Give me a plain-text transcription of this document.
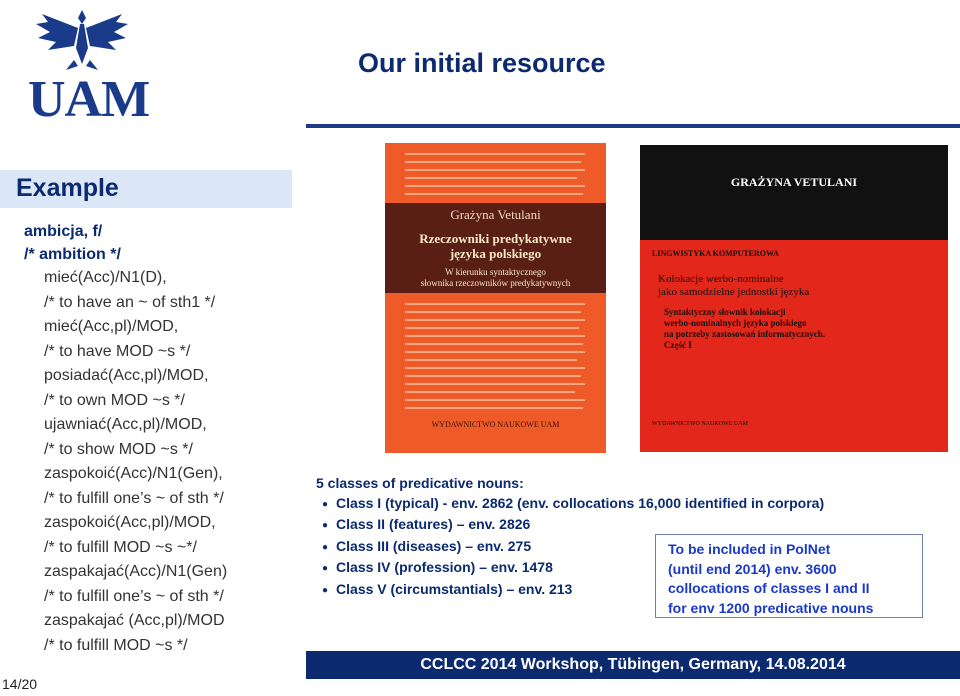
UAM
Our initial resource
Example
ambicja, f/
/* ambition */
mieć(Acc)/N1(D),
/* to have an ~ of sth1 */
mieć(Acc,pl)/MOD,
/* to have MOD ~s */
posiadać(Acc,pl)/MOD,
/* to own MOD ~s */
ujawniać(Acc,pl)/MOD,
/* to show MOD ~s */
zaspokoić(Acc)/N1(Gen),
/* to fulfill one’s ~ of sth */
zaspokoić(Acc,pl)/MOD,
/* to fulfill MOD ~s ~*/
zaspakajać(Acc)/N1(Gen)
/* to fulfill one’s ~ of sth */
zaspakajać (Acc,pl)/MOD
/* to fulfill MOD ~s */
Grażyna Vetulani
Rzeczowniki predykatywne
języka polskiego
W kierunku syntaktycznego
słownika rzeczowników predykatywnych
WYDAWNICTWO NAUKOWE UAM
GRAŻYNA VETULANI
LINGWISTYKA KOMPUTEROWA
Kolokacje werbo-nominalne
jako samodzielne jednostki języka
Syntaktyczny słownik kolokacji
werbo-nominalnych języka polskiego
na potrzeby zastosowań informatycznych.
Część I
WYDAWNICTWO NAUKOWE UAM
5 classes of predicative nouns:
● Class I (typical) - env. 2862 (env. collocations 16,000 identified in corpora)
● Class II (features) – env. 2826
● Class III (diseases) – env. 275
● Class IV (profession) – env. 1478
● Class V (circumstantials) – env. 213
To be included in PolNet
(until end 2014) env. 3600
collocations of classes I and II
for env 1200 predicative nouns
14/20
CCLCC 2014 Workshop, Tübingen, Germany, 14.08.2014
